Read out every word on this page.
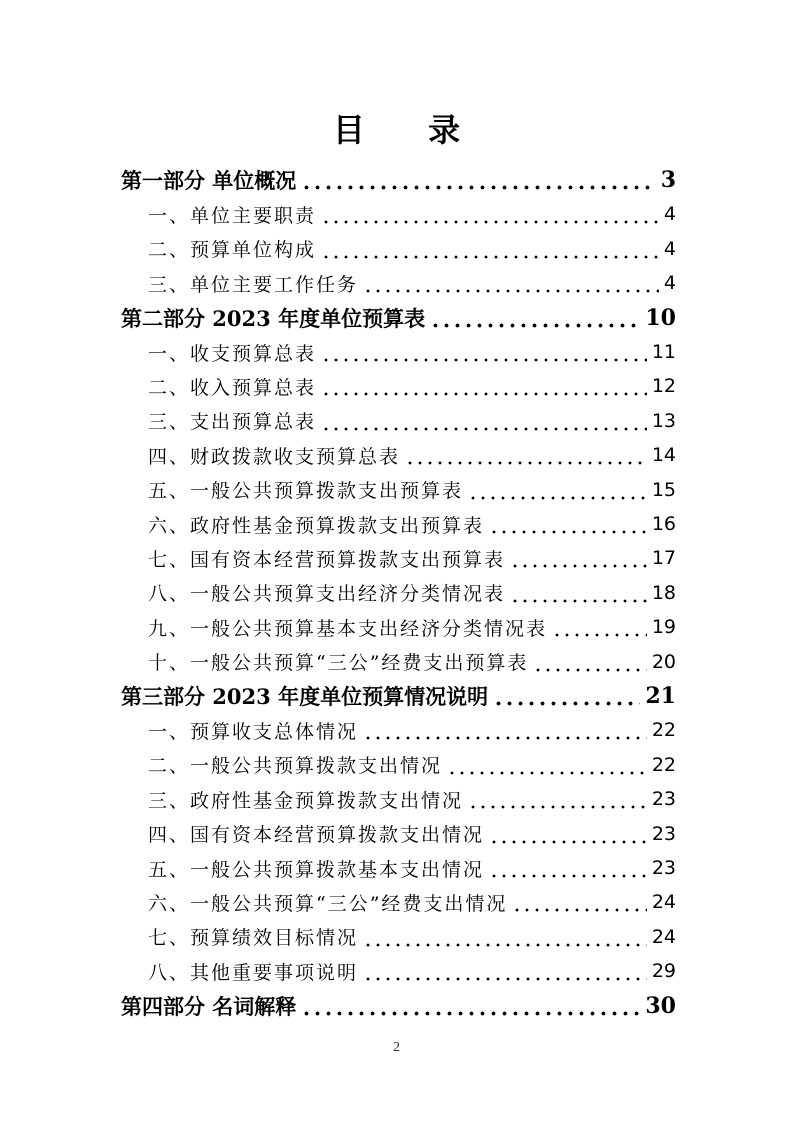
目 录
第一部分 单位概况	3
一、单位主要职责	4
二、预算单位构成	4
三、单位主要工作任务	4
第二部分 2023 年度单位预算表	10
一、收支预算总表	11
二、收入预算总表	12
三、支出预算总表	13
四、财政拨款收支预算总表	14
五、一般公共预算拨款支出预算表	15
六、政府性基金预算拨款支出预算表	16
七、国有资本经营预算拨款支出预算表	17
八、一般公共预算支出经济分类情况表	18
九、一般公共预算基本支出经济分类情况表	19
十、一般公共预算“三公”经费支出预算表	20
第三部分 2023 年度单位预算情况说明	21
一、预算收支总体情况	22
二、一般公共预算拨款支出情况	22
三、政府性基金预算拨款支出情况	23
四、国有资本经营预算拨款支出情况	23
五、一般公共预算拨款基本支出情况	23
六、一般公共预算“三公”经费支出情况	24
七、预算绩效目标情况	24
八、其他重要事项说明	29
第四部分 名词解释	30
2
